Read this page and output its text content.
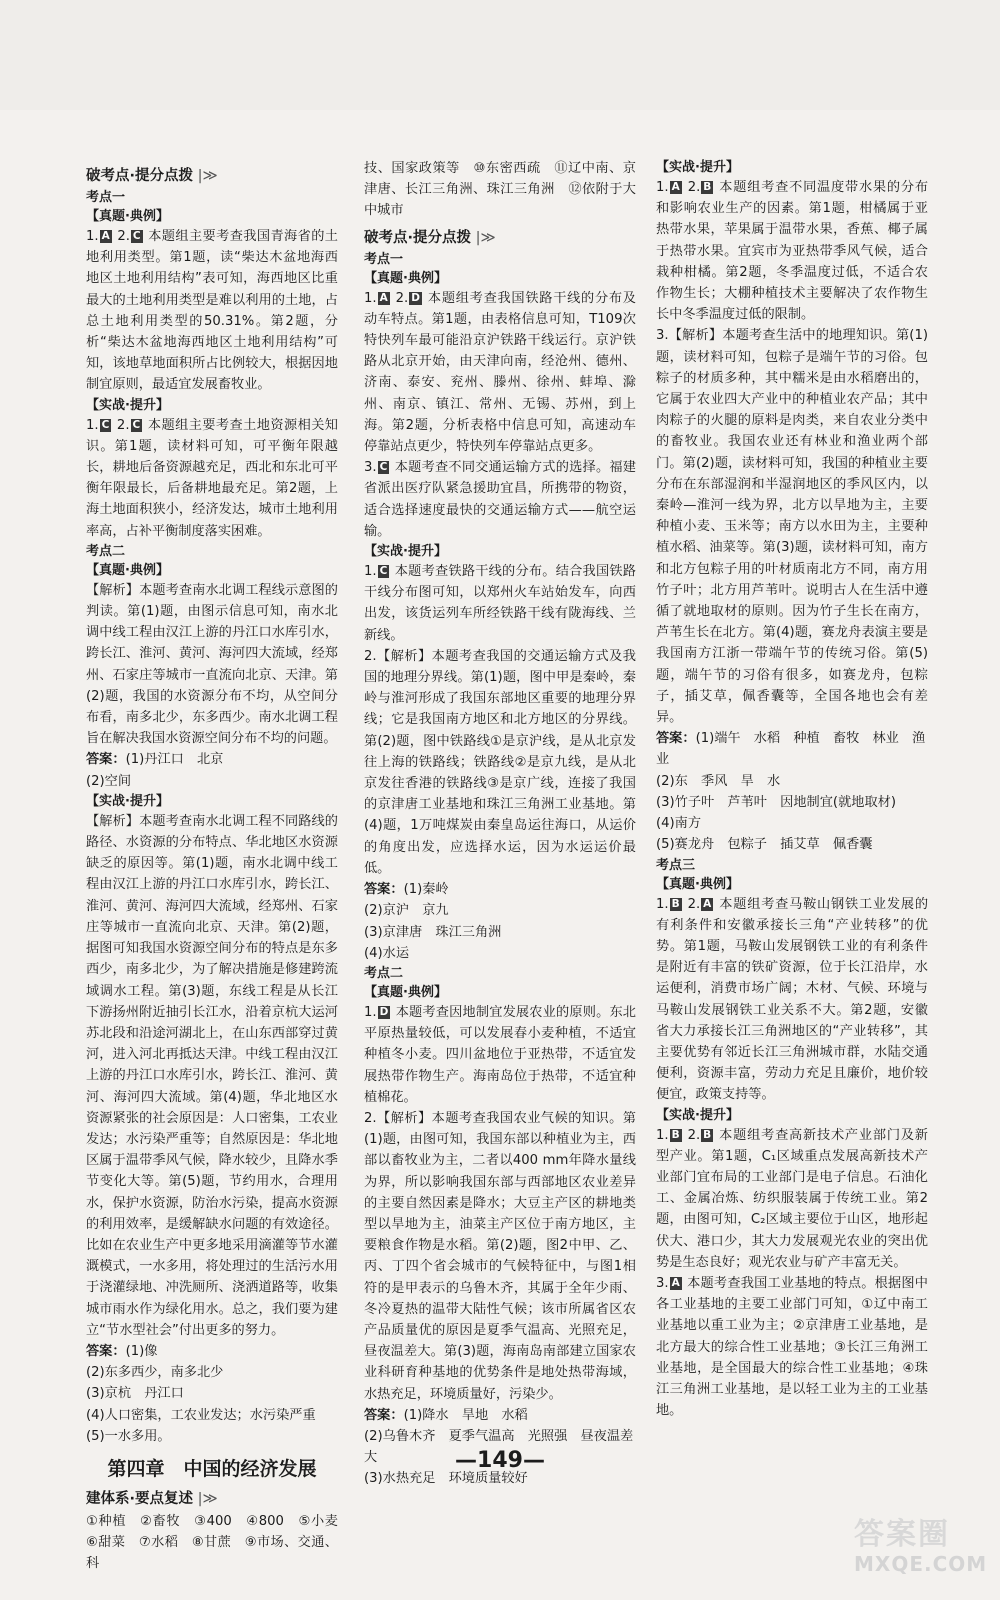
破考点·提分点拨 |≫
考点一
【真题·典例】

1. A 2. C 本题组主要考查我国青海省的土地利用类型。第1题，读“柴达木盆地海西地区土地利用结构”表可知，海西地区比重最大的土地利用类型是难以利用的土地，占总土地利用类型的50.31%。第2题，分析“柴达木盆地海西地区土地利用结构”可知，该地草地面积所占比例较大，根据因地制宜原则，最适宜发展畜牧业。

【实战·提升】

1. C 2. C 本题组主要考查土地资源相关知识。第1题，读材料可知，可平衡年限越长，耕地后备资源越充足，西北和东北可平衡年限最长，后备耕地最充足。第2题，上海土地面积狭小，经济发达，城市土地利用率高，占补平衡制度落实困难。

考点二
【真题·典例】

【解析】本题考查南水北调工程线示意图的判读。第(1)题，由图示信息可知，南水北调中线工程由汉江上游的丹江口水库引水，跨长江、淮河、黄河、海河四大流域，经郑州、石家庄等城市一直流向北京、天津。第(2)题，我国的水资源分布不均，从空间分布看，南多北少，东多西少。南水北调工程旨在解决我国水资源空间分布不均的问题。

答案：(1)丹江口　北京

(2)空间

【实战·提升】

【解析】本题考查南水北调工程不同路线的路径、水资源的分布特点、华北地区水资源缺乏的原因等。第(1)题，南水北调中线工程由汉江上游的丹江口水库引水，跨长江、淮河、黄河、海河四大流域，经郑州、石家庄等城市一直流向北京、天津。第(2)题，据图可知我国水资源空间分布的特点是东多西少，南多北少，为了解决措施是修建跨流域调水工程。第(3)题，东线工程是从长江下游扬州附近抽引长江水，沿着京杭大运河苏北段和沿途河湖北上，在山东西部穿过黄河，进入河北再抵达天津。中线工程由汉江上游的丹江口水库引水，跨长江、淮河、黄河、海河四大流域。第(4)题，华北地区水资源紧张的社会原因是：人口密集，工农业发达；水污染严重等；自然原因是：华北地区属于温带季风气候，降水较少，且降水季节变化大等。第(5)题，节约用水，合理用水，保护水资源，防治水污染，提高水资源的利用效率，是缓解缺水问题的有效途径。比如在农业生产中更多地采用滴灌等节水灌溉模式，一水多用，将处理过的生活污水用于浇灌绿地、冲洗厕所、浇洒道路等，收集城市雨水作为绿化用水。总之，我们要为建立“节水型社会”付出更多的努力。

答案：(1)像

(2)东多西少，南多北少

(3)京杭　丹江口

(4)人口密集，工农业发达；水污染严重

(5)一水多用。

第四章　中国的经济发展
建体系·要点复述 |≫

①种植　②畜牧　③400　④800　⑤小麦　⑥甜菜　⑦水稻　⑧甘蔗　⑨市场、交通、科

技、国家政策等　⑩东密西疏　⑪辽中南、京津唐、长江三角洲、珠江三角洲　⑫依附于大中城市

破考点·提分点拨 |≫
考点一
【真题·典例】

1. A 2. D 本题组考查我国铁路干线的分布及动车特点。第1题，由表格信息可知，T109次特快列车最可能沿京沪铁路干线运行。京沪铁路从北京开始，由天津向南，经沧州、德州、济南、泰安、兖州、滕州、徐州、蚌埠、滁州、南京、镇江、常州、无锡、苏州，到上海。第2题，分析表格中信息可知，高速动车停靠站点更少，特快列车停靠站点更多。

3. C 本题考查不同交通运输方式的选择。福建省派出医疗队紧急援助宜昌，所携带的物资，适合选择速度最快的交通运输方式——航空运输。

【实战·提升】

1. C 本题考查铁路干线的分布。结合我国铁路干线分布图可知，以郑州火车站始发车，向西出发，该货运列车所经铁路干线有陇海线、兰新线。

2.【解析】本题考查我国的交通运输方式及我国的地理分界线。第(1)题，图中甲是秦岭，秦岭与淮河形成了我国东部地区重要的地理分界线；它是我国南方地区和北方地区的分界线。第(2)题，图中铁路线①是京沪线，是从北京发往上海的铁路线；铁路线②是京九线，是从北京发往香港的铁路线③是京广线，连接了我国的京津唐工业基地和珠江三角洲工业基地。第(4)题，1万吨煤炭由秦皇岛运往海口，从运价的角度出发，应选择水运，因为水运运价最低。

答案：(1)秦岭

(2)京沪　京九

(3)京津唐　珠江三角洲

(4)水运

考点二
【真题·典例】

1. D 本题考查因地制宜发展农业的原则。东北平原热量较低，可以发展春小麦种植，不适宜种植冬小麦。四川盆地位于亚热带，不适宜发展热带作物生产。海南岛位于热带，不适宜种植棉花。

2.【解析】本题考查我国农业气候的知识。第(1)题，由图可知，我国东部以种植业为主，西部以畜牧业为主，二者以400 mm年降水量线为界，所以影响我国东部与西部地区农业差异的主要自然因素是降水；大豆主产区的耕地类型以旱地为主，油菜主产区位于南方地区，主要粮食作物是水稻。第(2)题，图2中甲、乙、丙、丁四个省会城市的气候特征中，与图1相符的是甲表示的乌鲁木齐，其属于全年少雨、冬冷夏热的温带大陆性气候；该市所属省区农产品质量优的原因是夏季气温高、光照充足，昼夜温差大。第(3)题，海南岛南部建立国家农业科研育种基地的优势条件是地处热带海域，水热充足，环境质量好，污染少。

答案：(1)降水　旱地　水稻

(2)乌鲁木齐　夏季气温高　光照强　昼夜温差大

(3)水热充足　环境质量较好

【实战·提升】

1. A 2. B 本题组考查不同温度带水果的分布和影响农业生产的因素。第1题，柑橘属于亚热带水果，苹果属于温带水果，香蕉、椰子属于热带水果。宜宾市为亚热带季风气候，适合栽种柑橘。第2题，冬季温度过低，不适合农作物生长；大棚种植技术主要解决了农作物生长中冬季温度过低的限制。

3.【解析】本题考查生活中的地理知识。第(1)题，读材料可知，包粽子是端午节的习俗。包粽子的材质多种，其中糯米是由水稻磨出的，它属于农业四大产业中的种植业农产品；其中肉粽子的火腿的原料是肉类，来自农业分类中的畜牧业。我国农业还有林业和渔业两个部门。第(2)题，读材料可知，我国的种植业主要分布在东部湿润和半湿润地区的季风区内，以秦岭—淮河一线为界，北方以旱地为主，主要种植小麦、玉米等；南方以水田为主，主要种植水稻、油菜等。第(3)题，读材料可知，南方和北方包粽子用的叶材质南北方不同，南方用竹子叶；北方用芦苇叶。说明古人在生活中遵循了就地取材的原则。因为竹子生长在南方，芦苇生长在北方。第(4)题，赛龙舟表演主要是我国南方江浙一带端午节的传统习俗。第(5)题，端午节的习俗有很多，如赛龙舟，包粽子，插艾草，佩香囊等，全国各地也会有差异。

答案：(1)端午　水稻　种植　畜牧　林业　渔业

(2)东　季风　旱　水

(3)竹子叶　芦苇叶　因地制宜(就地取材)

(4)南方

(5)赛龙舟　包粽子　插艾草　佩香囊

考点三
【真题·典例】

1. B 2. A 本题组考查马鞍山钢铁工业发展的有利条件和安徽承接长三角“产业转移”的优势。第1题，马鞍山发展钢铁工业的有利条件是附近有丰富的铁矿资源，位于长江沿岸，水运便利，消费市场广阔；木材、气候、环境与马鞍山发展钢铁工业关系不大。第2题，安徽省大力承接长江三角洲地区的“产业转移”，其主要优势有邻近长江三角洲城市群，水陆交通便利，资源丰富，劳动力充足且廉价，地价较便宜，政策支持等。

【实战·提升】

1. B 2. B 本题组考查高新技术产业部门及新型产业。第1题，C₁区域重点发展高新技术产业部门宜布局的工业部门是电子信息。石油化工、金属冶炼、纺织服装属于传统工业。第2题，由图可知，C₂区域主要位于山区，地形起伏大、港口少，其大力发展观光农业的突出优势是生态良好；观光农业与矿产丰富无关。

3. A 本题考查我国工业基地的特点。根据图中各工业基地的主要工业部门可知，①辽中南工业基地以重工业为主；②京津唐工业基地，是北方最大的综合性工业基地；③长江三角洲工业基地，是全国最大的综合性工业基地；④珠江三角洲工业基地，是以轻工业为主的工业基地。

—149—
答案圈
MXQE.COM
